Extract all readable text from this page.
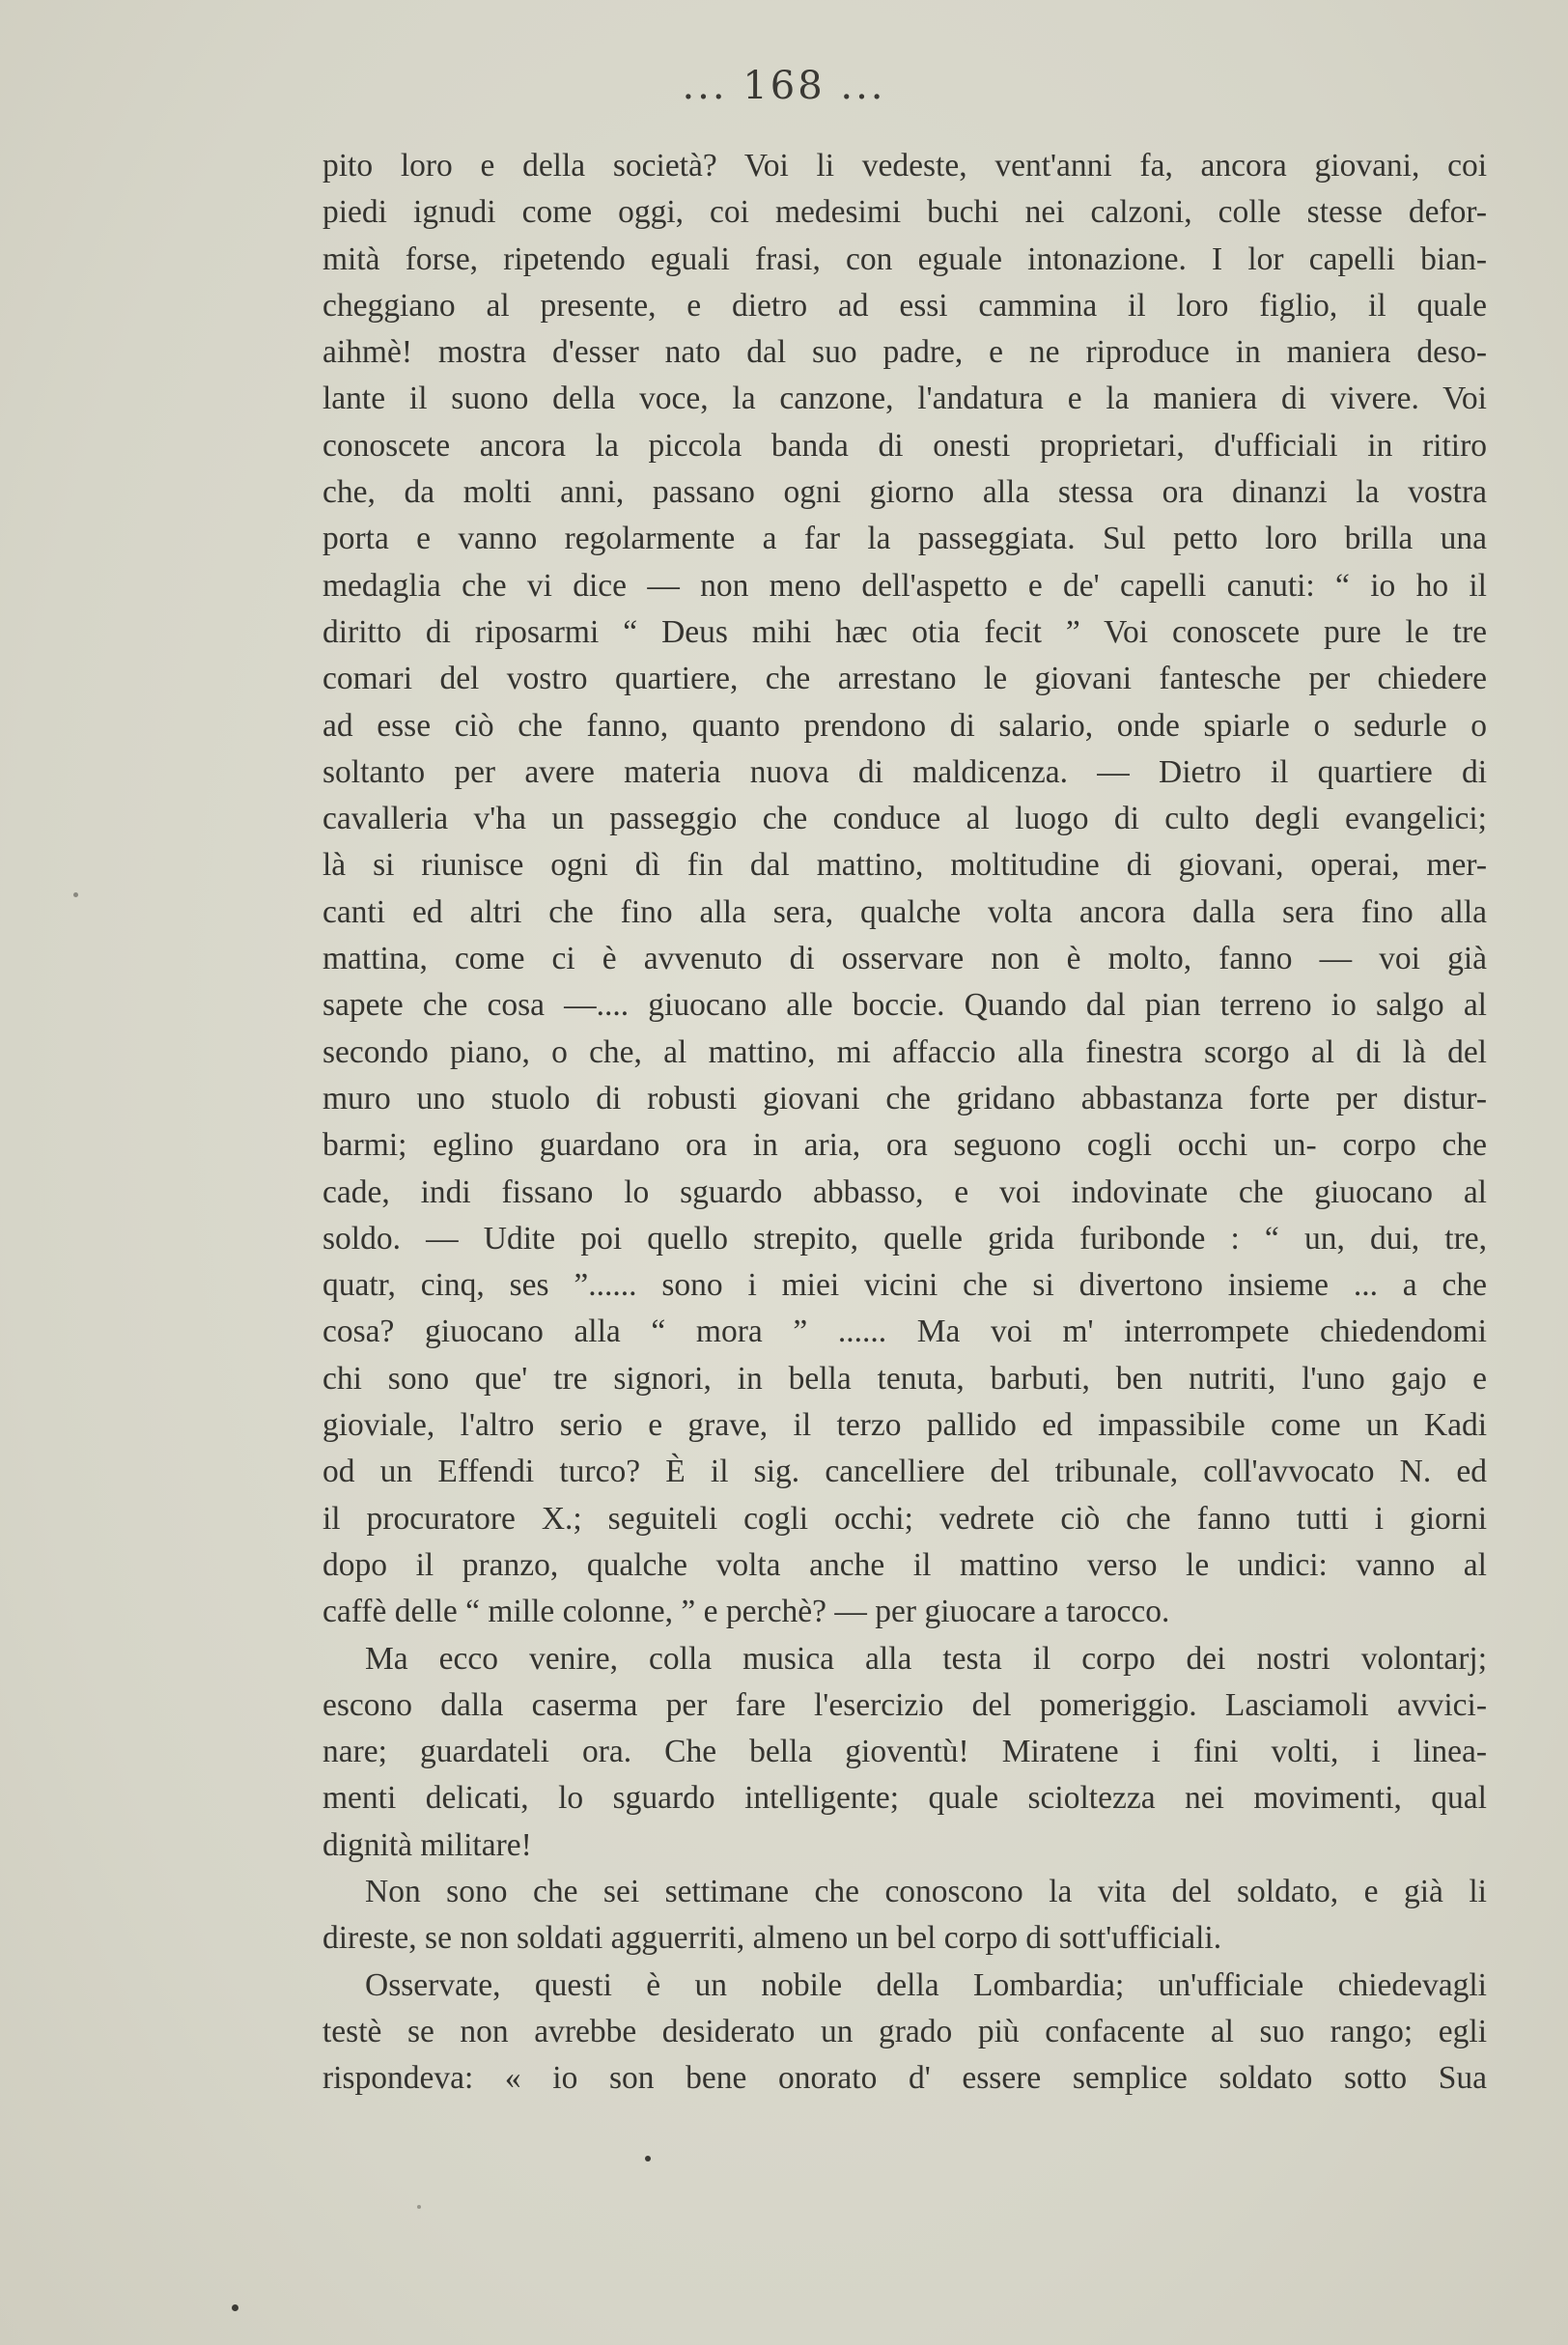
... 168 ...
pito loro e della società? Voi li vedeste, vent'anni fa, ancora giovani, coi
piedi ignudi come oggi, coi medesimi buchi nei calzoni, colle stesse defor-
mità forse, ripetendo eguali frasi, con eguale intonazione. I lor capelli bian-
cheggiano al presente, e dietro ad essi cammina il loro figlio, il quale
aihmè! mostra d'esser nato dal suo padre, e ne riproduce in maniera deso-
lante il suono della voce, la canzone, l'andatura e la maniera di vivere. Voi
conoscete ancora la piccola banda di onesti proprietari, d'ufficiali in ritiro
che, da molti anni, passano ogni giorno alla stessa ora dinanzi la vostra
porta e vanno regolarmente a far la passeggiata. Sul petto loro brilla una
medaglia che vi dice — non meno dell'aspetto e de' capelli canuti: “ io ho il
diritto di riposarmi “ Deus mihi hæc otia fecit ” Voi conoscete pure le tre
comari del vostro quartiere, che arrestano le giovani fantesche per chiedere
ad esse ciò che fanno, quanto prendono di salario, onde spiarle o sedurle o
soltanto per avere materia nuova di maldicenza. — Dietro il quartiere di
cavalleria v'ha un passeggio che conduce al luogo di culto degli evangelici;
là si riunisce ogni dì fin dal mattino, moltitudine di giovani, operai, mer-
canti ed altri che fino alla sera, qualche volta ancora dalla sera fino alla
mattina, come ci è avvenuto di osservare non è molto, fanno — voi già
sapete che cosa —.... giuocano alle boccie. Quando dal pian terreno io salgo al
secondo piano, o che, al mattino, mi affaccio alla finestra scorgo al di là del
muro uno stuolo di robusti giovani che gridano abbastanza forte per distur-
barmi; eglino guardano ora in aria, ora seguono cogli occhi un- corpo che
cade, indi fissano lo sguardo abbasso, e voi indovinate che giuocano al
soldo. — Udite poi quello strepito, quelle grida furibonde : “ un, dui, tre,
quatr, cinq, ses ”...... sono i miei vicini che si divertono insieme ... a che
cosa? giuocano alla “ mora ” ...... Ma voi m' interrompete chiedendomi
chi sono que' tre signori, in bella tenuta, barbuti, ben nutriti, l'uno gajo e
gioviale, l'altro serio e grave, il terzo pallido ed impassibile come un Kadi
od un Effendi turco? È il sig. cancelliere del tribunale, coll'avvocato N. ed
il procuratore X.; seguiteli cogli occhi; vedrete ciò che fanno tutti i giorni
dopo il pranzo, qualche volta anche il mattino verso le undici: vanno al
caffè delle “ mille colonne, ” e perchè? — per giuocare a tarocco.
Ma ecco venire, colla musica alla testa il corpo dei nostri volontarj;
escono dalla caserma per fare l'esercizio del pomeriggio. Lasciamoli avvici-
nare; guardateli ora. Che bella gioventù! Miratene i fini volti, i linea-
menti delicati, lo sguardo intelligente; quale scioltezza nei movimenti, qual
dignità militare!
Non sono che sei settimane che conoscono la vita del soldato, e già li
direste, se non soldati agguerriti, almeno un bel corpo di sott'ufficiali.
Osservate, questi è un nobile della Lombardia; un'ufficiale chiedevagli
testè se non avrebbe desiderato un grado più confacente al suo rango; egli
rispondeva: « io son bene onorato d' essere semplice soldato sotto Sua
